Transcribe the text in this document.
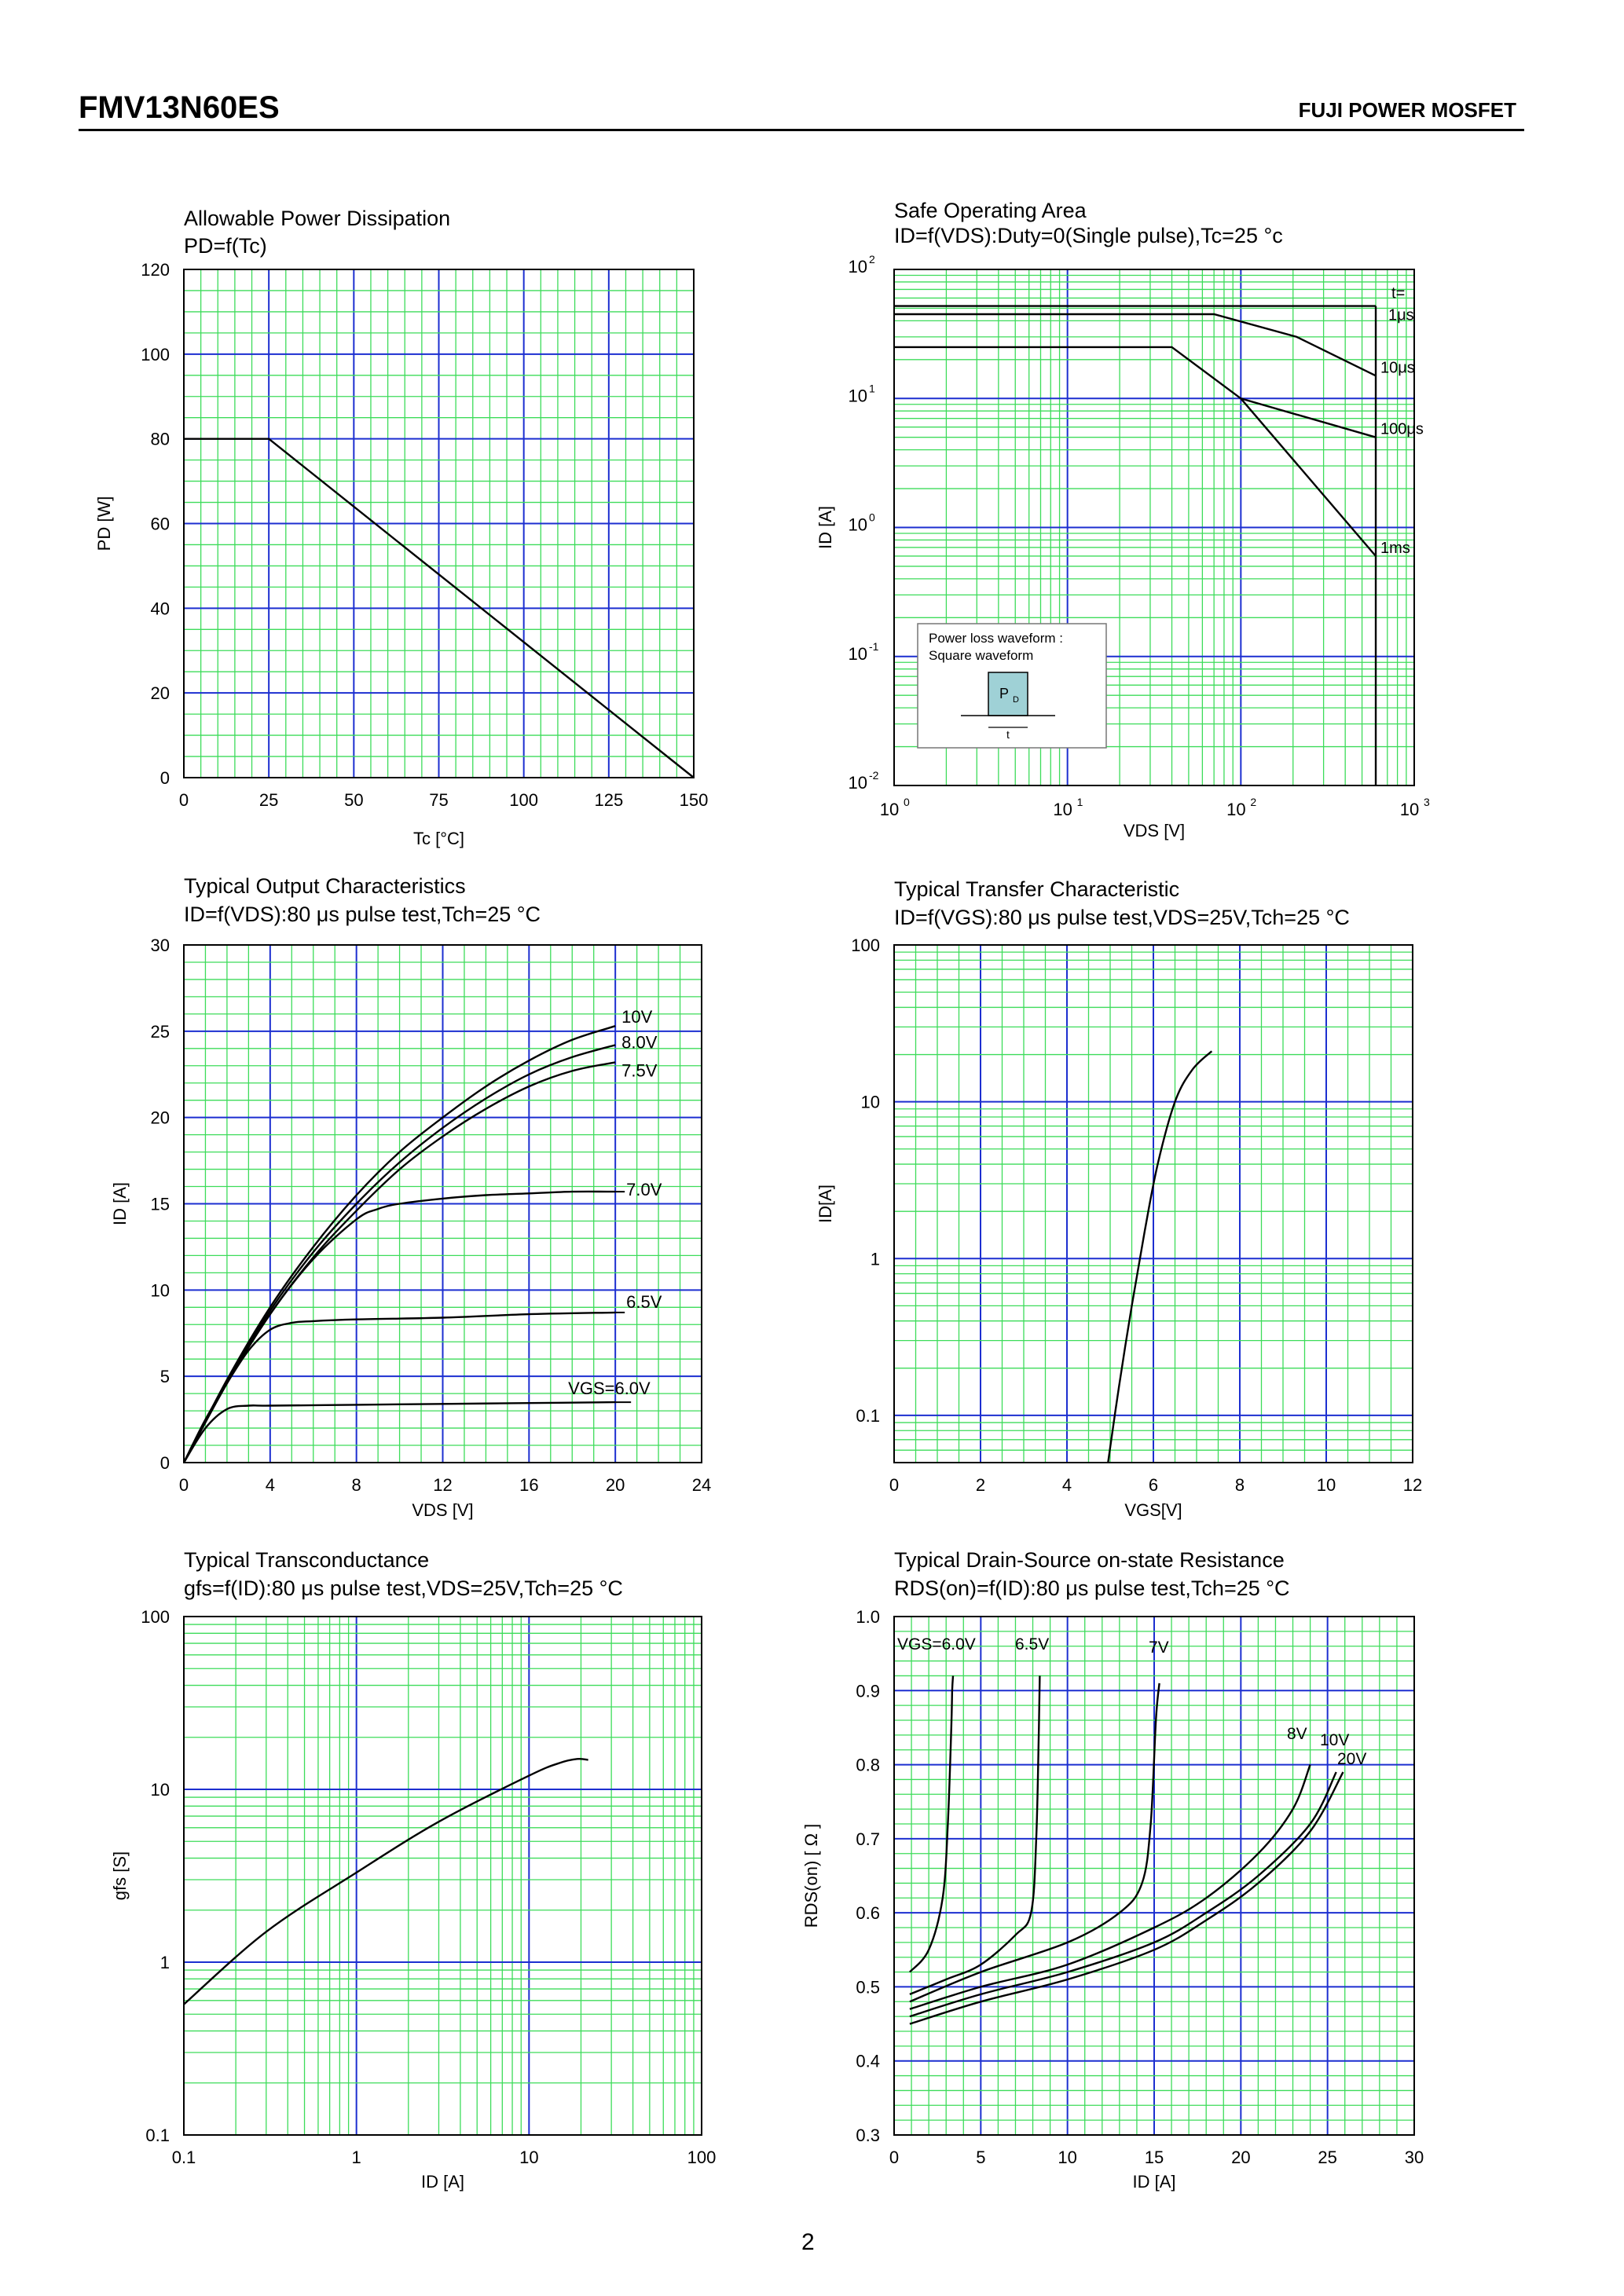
FMV13N60ES	FUJI POWER MOSFET
0	25	50	75	100	125	150
0
20
40
60
80
100
120
Allowable Power Dissipation
PD=f(Tc)
Tc [°C]
PD [W]
10 0	10 1	10 2	10 3
10 -2
10 -1
10 0
10 1
10 2
Safe Operating Area
ID=f(VDS):Duty=0(Single pulse),Tc=25 °c
VDS [V]
ID [A]
t=
1μs
10μs
100μs
1ms
Power loss waveform :
Square waveform
P D
t
0	4	8	12	16	20	24
0
5
10
15
20
25
30
Typical Output Characteristics
ID=f(VDS):80 μs pulse test,Tch=25 °C
VDS [V]
ID [A]
10V
8.0V
7.5V
7.0V
6.5V
VGS=6.0V
0	2	4	6	8	10	12
0.1
1
10
100
Typical Transfer Characteristic
ID=f(VGS):80 μs pulse test,VDS=25V,Tch=25 °C
VGS[V]
ID[A]
0.1	1	10	100
0.1
1
10
100
Typical Transconductance
gfs=f(ID):80 μs pulse test,VDS=25V,Tch=25 °C
ID [A]
gfs [S]
0	5	10	15	20	25	30
0.3
0.4
0.5
0.6
0.7
0.8
0.9
1.0
Typical Drain-Source on-state Resistance
RDS(on)=f(ID):80 μs pulse test,Tch=25 °C
ID [A]
RDS(on) [ Ω ]
VGS=6.0V 6.5V	7V
8V 10V
20V
2
